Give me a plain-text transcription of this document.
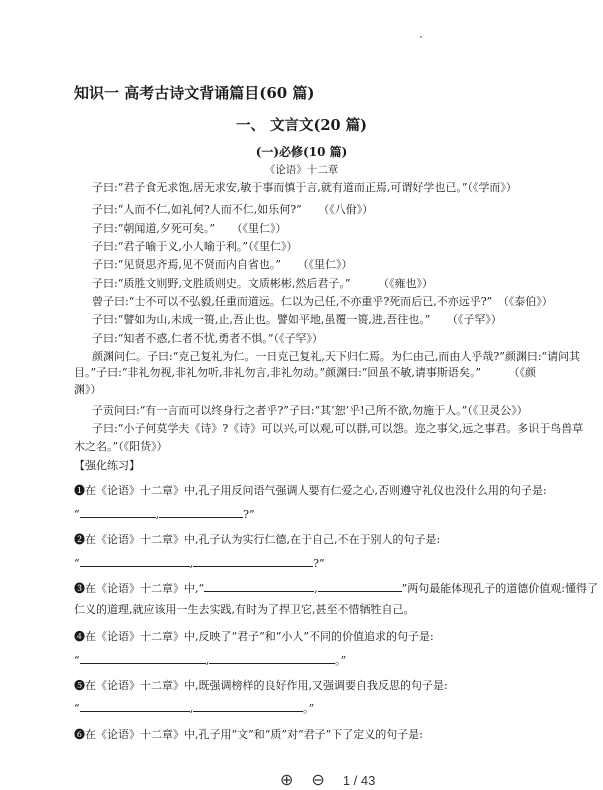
知识一 高考古诗文背诵篇目(60 篇)
一、 文言文(20 篇)
(一)必修(10 篇)
《论语》十二章
子曰:“君子食无求饱,居无求安,敏于事而慎于言,就有道而正焉,可谓好学也已。”（《学而》）
子曰:“人而不仁,如礼何?人而不仁,如乐何?”　　（《八佾》）
子曰:“朝闻道,夕死可矣。”　　（《里仁》）
子曰:“君子喻于义,小人喻于利。”（《里仁》）
子曰:“见贤思齐焉,见不贤而内自省也。”　　（《里仁》）
子曰:“质胜文则野,文胜质则史。文质彬彬,然后君子。”　　　（《雍也》）
曾子曰:“士不可以不弘毅,任重而道远。仁以为己任,不亦重乎?死而后已,不亦远乎?”　（《泰伯》）
子曰:“譬如为山,未成一篑,止,吾止也。譬如平地,虽覆一篑,进,吾往也。”　　（《子罕》）
子曰:“知者不惑,仁者不忧,勇者不惧。”（《子罕》）
颜渊问仁。子曰:“克己复礼为仁。一日克己复礼,天下归仁焉。为仁由己,而由人乎哉?”颜渊曰:“请问其
目。”子曰:“非礼勿视,非礼勿听,非礼勿言,非礼勿动。”颜渊曰:“回虽不敏,请事斯语矣。”　　　（《颜
渊》）
子贡问曰:“有一言而可以终身行之者乎?”子曰:“其‘恕’乎!己所不欲,勿施于人。”（《卫灵公》）
子曰:“小子何莫学夫《诗》?《诗》可以兴,可以观,可以群,可以怨。迩之事父,远之事君。多识于鸟兽草
木之名。”（《阳货》）
【强化练习】
❶在《论语》十二章》中,孔子用反问语气强调人要有仁爱之心,否则遵守礼仪也没什么用的句子是:
“	,	?”
❷在《论语》十二章》中,孔子认为实行仁德,在于自己,不在于别人的句子是:
“	,	?”
❸在《论语》十二章》中,“	,	”两句最能体现孔子的道德价值观:懂得了
仁义的道理,就应该用一生去实践,有时为了捍卫它,甚至不惜牺牲自己。
❹在《论语》十二章》中,反映了“君子”和“小人”不同的价值追求的句子是:
“	,	。”
❺在《论语》十二章》中,既强调榜样的良好作用,又强调要自我反思的句子是:
“	,	。”
❻在《论语》十二章》中,孔子用“文”和“质”对“君子”下了定义的句子是:
⊕ ⊖ 1 / 43
